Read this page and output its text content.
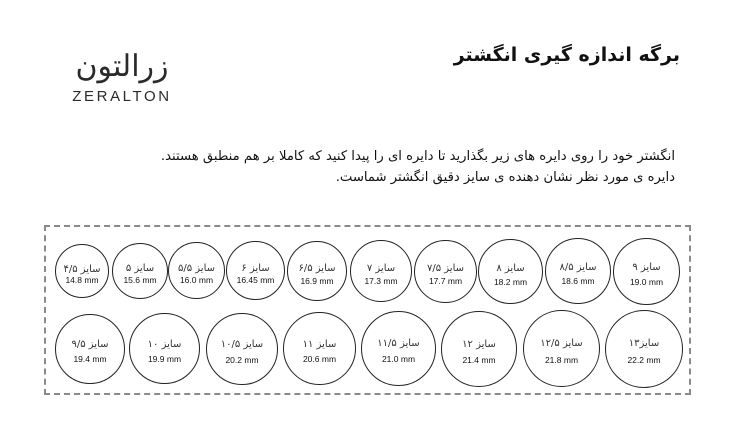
زرالتون
ZERALTON
برگه اندازه گیری انگشتر
انگشتر خود را روی دایره های زیر بگذارید تا دایره ای را پیدا کنید که کاملا بر هم منطبق هستند.
دایره ی مورد نظر نشان دهنده ی سایز دقیق انگشتر شماست.
سایز ۴/۵
14.8 mm
سایز ۵
15.6 mm
سایز ۵/۵
16.0 mm
سایز ۶
16.45 mm
سایز ۶/۵
16.9 mm
سایز ۷
17.3 mm
سایز ۷/۵
17.7 mm
سایز ۸
18.2 mm
سایز ۸/۵
18.6 mm
سایز ۹
19.0 mm
سایز ۹/۵
19.4 mm
سایز ۱۰
19.9 mm
سایز ۱۰/۵
20.2 mm
سایز ۱۱
20.6 mm
سایز ۱۱/۵
21.0 mm
سایز ۱۲
21.4 mm
سایز ۱۲/۵
21.8 mm
سایز۱۳
22.2 mm
